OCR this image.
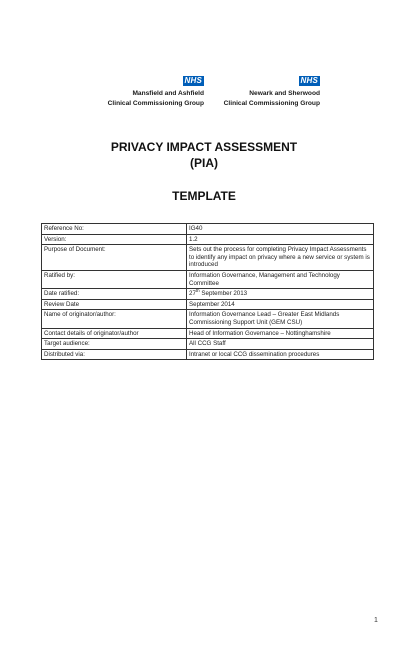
NHS
Mansfield and Ashfield
Clinical Commissioning Group
NHS
Newark and Sherwood
Clinical Commissioning Group
PRIVACY IMPACT ASSESSMENT
(PIA)
TEMPLATE
Reference No:	IG40
Version:	1.2
Purpose of Document:	Sets out the process for completing Privacy Impact Assessments to identify any impact on privacy where a new service or system is introduced
Ratified by:	Information Governance, Management and Technology Committee
Date ratified:	27th September 2013
Review Date	September 2014
Name of originator/author:	Information Governance Lead – Greater East Midlands Commissioning Support Unit (GEM CSU)
Contact details of originator/author	Head of Information Governance – Nottinghamshire
Target audience:	All CCG Staff
Distributed via:	Intranet or local CCG dissemination procedures
1
